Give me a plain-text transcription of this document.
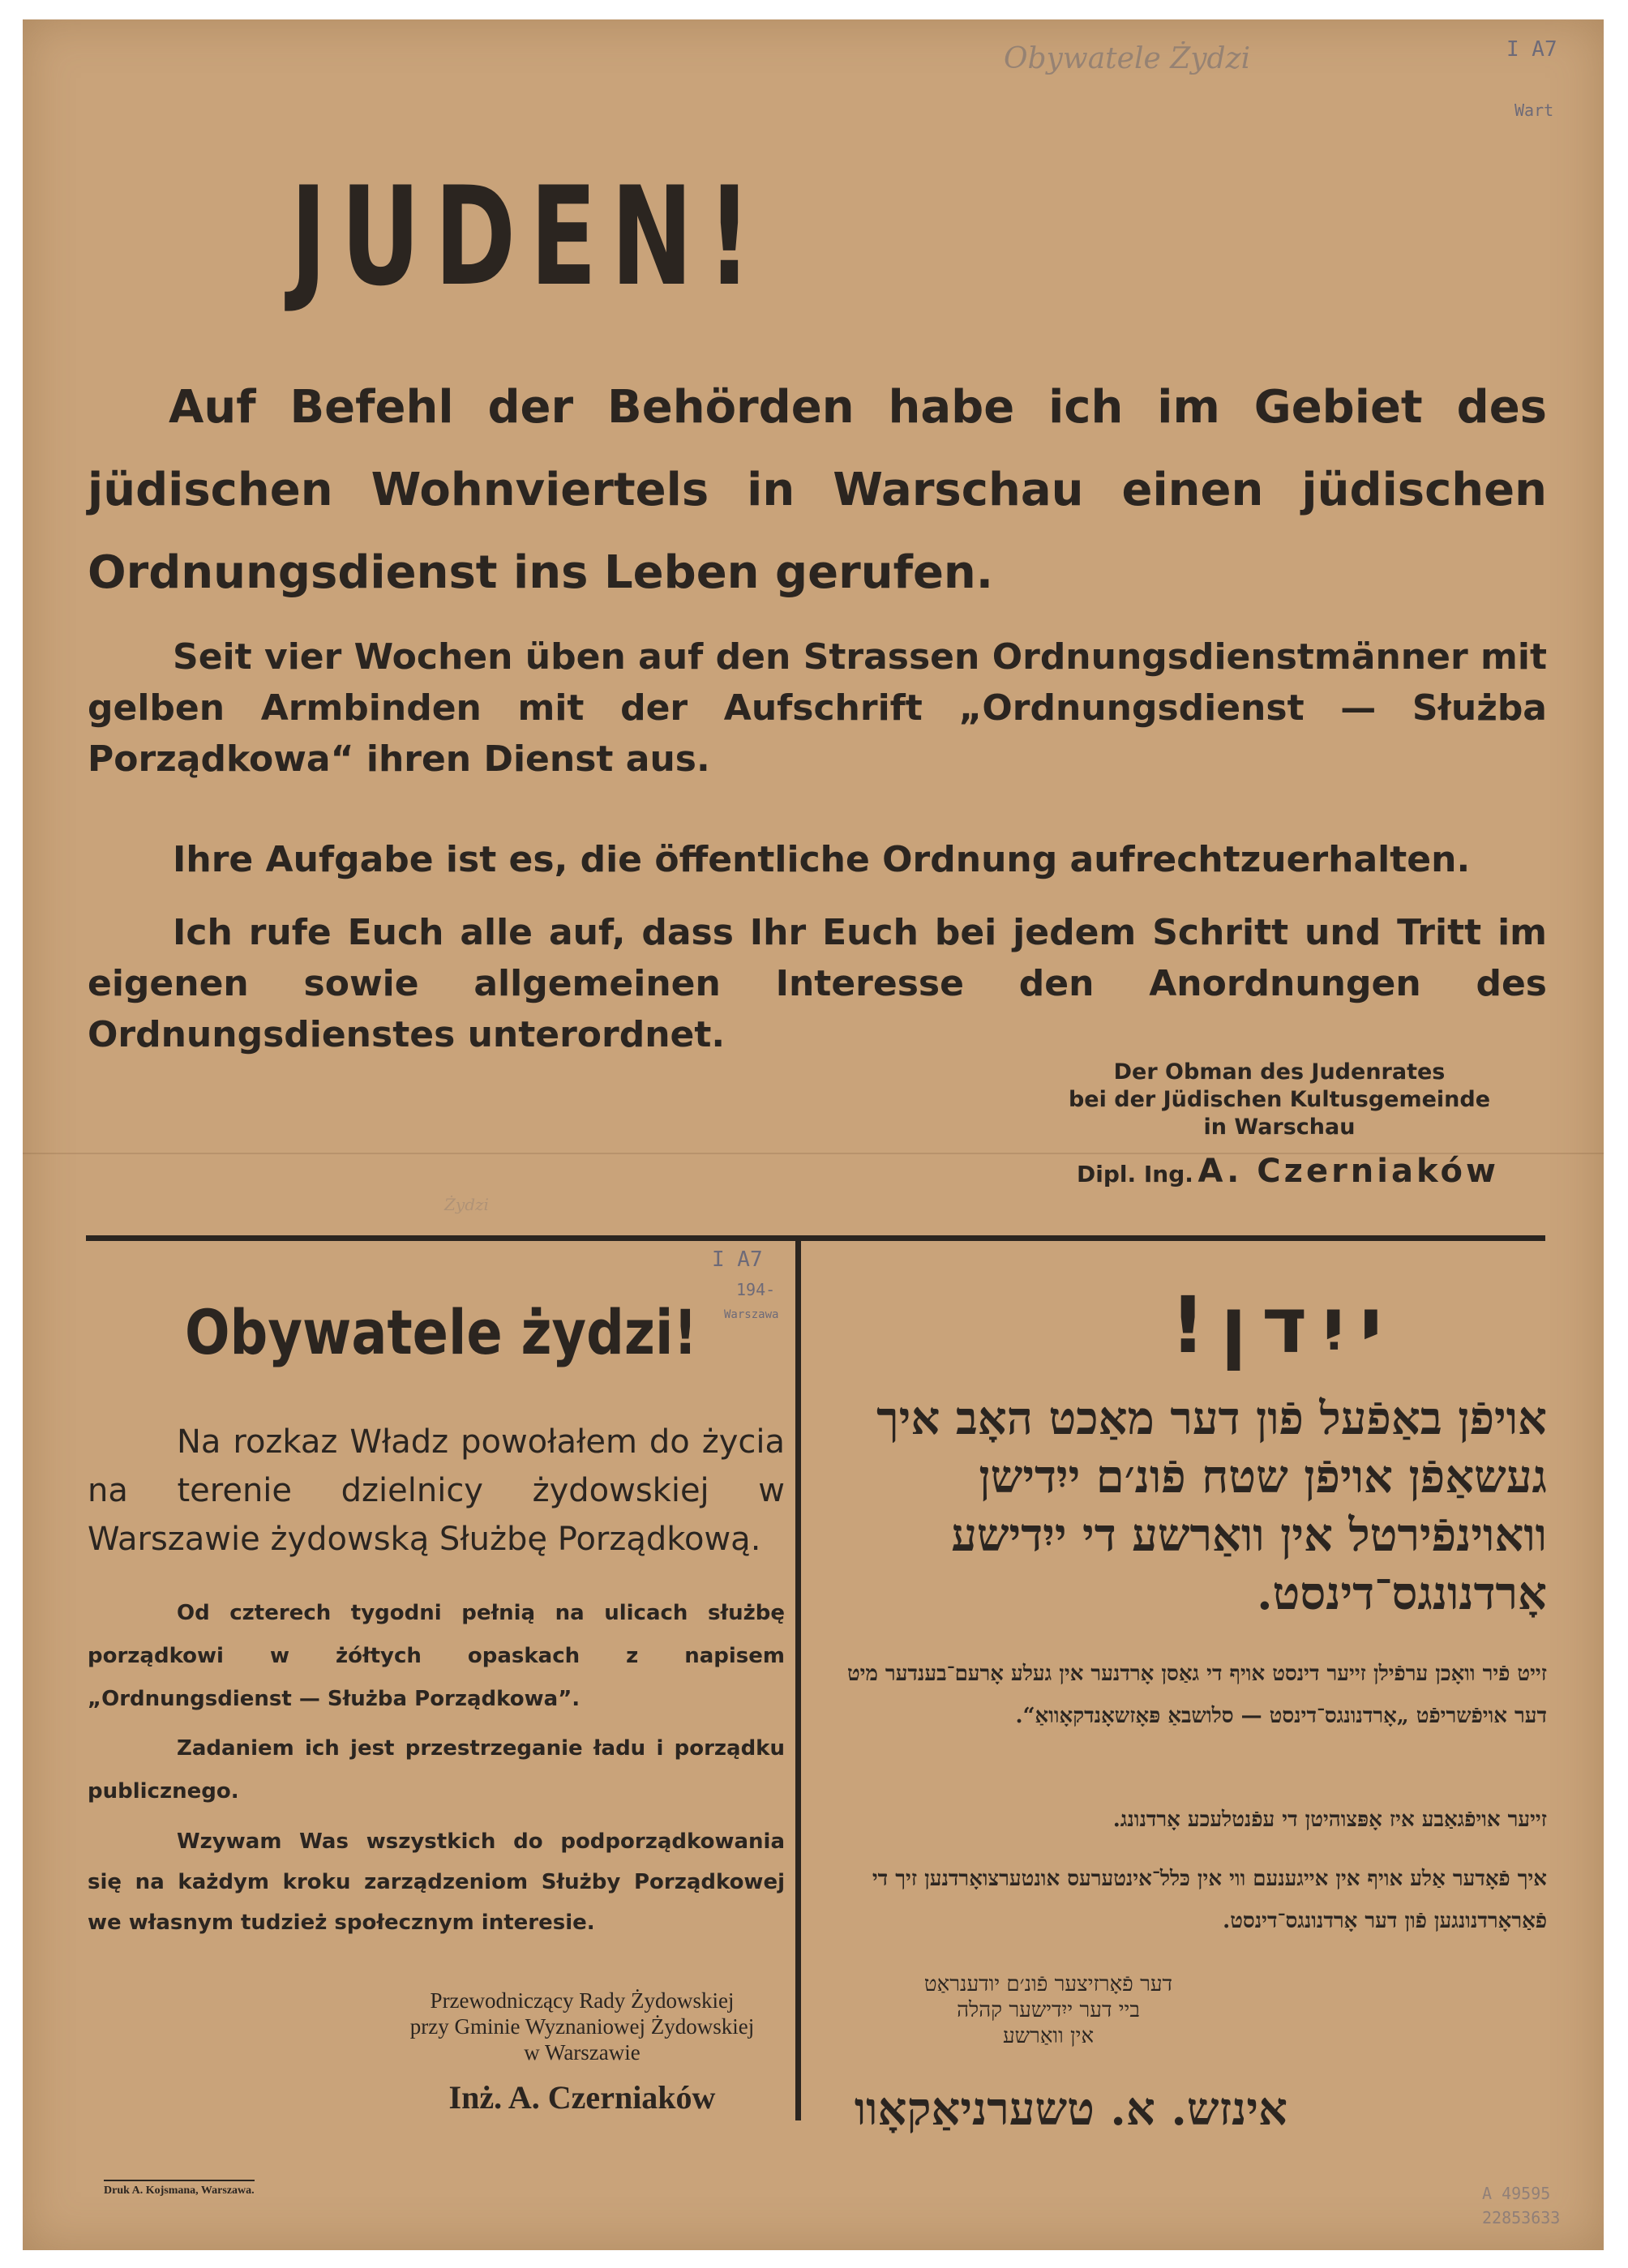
Obywatele Żydzi	I A7
Wart
Żydzi
I A7
194-
Warszawa
A 49595
22853633
JUDEN!
Auf Befehl der Behörden habe ich im Gebiet des jüdischen Wohnviertels in Warschau einen jüdischen Ordnungsdienst ins Leben gerufen.
Seit vier Wochen üben auf den Strassen Ordnungsdienstmänner mit gelben Armbinden mit der Aufschrift „Ordnungsdienst — Służba Porządkowa“ ihren Dienst aus.
Ihre Aufgabe ist es, die öffentliche Ordnung aufrechtzuerhalten.
Ich rufe Euch alle auf, dass Ihr Euch bei jedem Schritt und Tritt im eigenen sowie allgemeinen Interesse den Anordnungen des Ordnungsdienstes unterordnet.
Der Obman des Judenrates
bei der Jüdischen Kultusgemeinde
in Warschau
Dipl. Ing. A. Czerniaków
Obywatele żydzi!
Na rozkaz Władz powołałem do życia na terenie dzielnicy żydowskiej w Warszawie żydowską Służbę Porządkową.
Od czterech tygodni pełnią na ulicach służbę porządkowi w żółtych opaskach z napisem „Ordnungsdienst — Służba Porządkowa”.
Zadaniem ich jest przestrzeganie ładu i porządku publicznego.
Wzywam Was wszystkich do podporządkowania się na każdym kroku zarządzeniom Służby Porządkowej we własnym tudzież społecznym interesie.
Przewodniczący Rady Żydowskiej
przy Gminie Wyznaniowej Żydowskiej
w Warszawie
Inż. A. Czerniaków
ייִדן!
אויפֿן באַפֿעל פֿון דער מאַכט האָב איך געשאַפֿן אויפֿן שטח פֿונ׳ם ייִדישן וואוינפֿירטל אין וואַרשע די ייִדישע אָרדנונגס־דינסט.
זייט פֿיר וואָכן ערפֿילן זייער דינסט אויף די גאַסן אָרדנער אין געלע אָרעם־בענדער מיט דער אויפֿשריפֿט „אָרדנונגס־דינסט — סלושבאַ פּאָזשאָנדקאָוואַ“.
זייער אויפֿגאַבע איז אָפּצוהיטן די עפֿנטלעכע אָרדנונג.
איך פֿאָדער אַלע אויף אין אייגענעם ווי אין כּלל־אינטערעס אונטערצואָרדנען זיך די פֿאַראָרדנונגען פֿון דער אָרדנונגס־דינסט.
דער פֿאָרזיצער פֿונ׳ם יודענראַט
ביי דער ייִדישער קהלה
אין וואַרשע
אינזש. א. טשערניאַקאָוו
Druk A. Kojsmana, Warszawa.
